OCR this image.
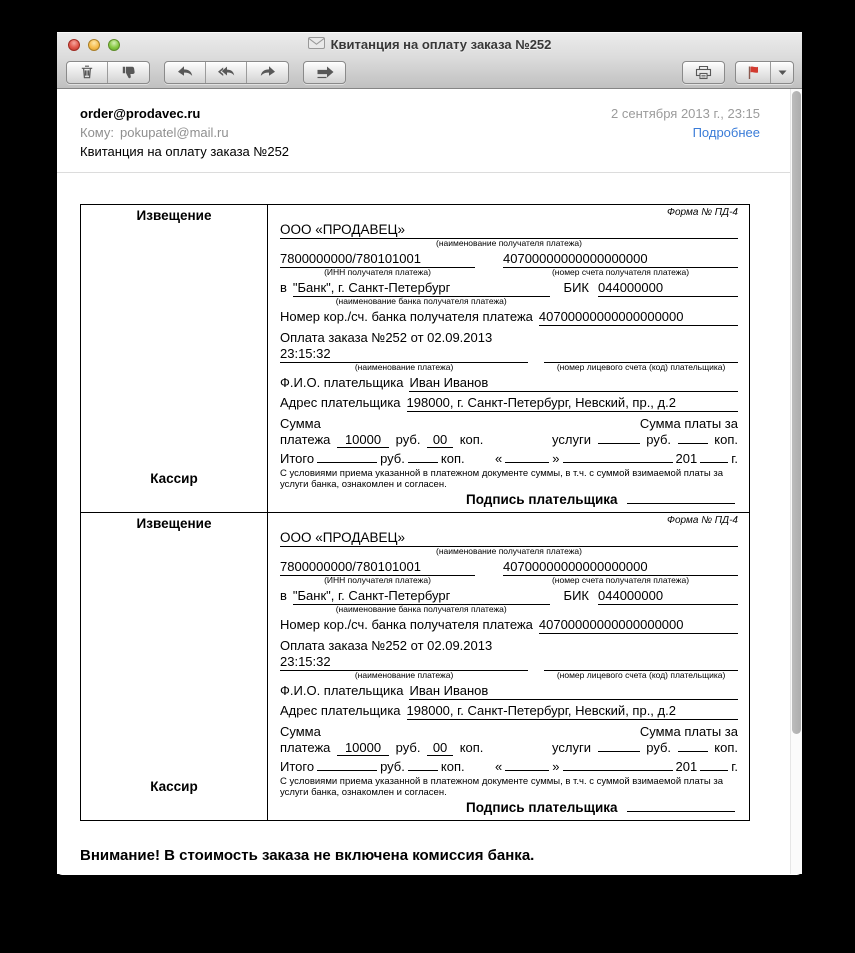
Квитанция на оплату заказа №252
order@prodavec.ru	2 сентября 2013 г., 23:15
Кому: pokupatel@mail.ru	Подробнее
Квитанция на оплату заказа №252
Извещение
Кассир
Форма № ПД-4
ООО «ПРОДАВЕЦ»
(наименование получателя платежа)
7800000000/780101001
(ИНН получателя платежа)
40700000000000000000
(номер счета получателя платежа)
в "Банк", г. Санкт-Петербург
(наименование банка получателя платежа)
БИК 044000000
Номер кор./сч. банка получателя платежа 40700000000000000000
Оплата заказа №252 от 02.09.2013
23:15:32
(наименование платежа)
	(номер лицевого счета (код) плательщика)
Ф.И.О. плательщика Иван Иванов
Адрес плательщика 198000, г. Санкт-Петербург, Невский, пр., д.2
Сумма
платежа 10000 руб. 00 коп.
Сумма платы за
услуги	руб.	коп.
Итого	руб.	коп. «	»	201	г.
С условиями приема указанной в платежном документе суммы, в т.ч. с суммой взимаемой платы за услуги банка, ознакомлен и согласен.
Подпись плательщика
Извещение
Кассир
Форма № ПД-4
ООО «ПРОДАВЕЦ»
(наименование получателя платежа)
7800000000/780101001
(ИНН получателя платежа)
40700000000000000000
(номер счета получателя платежа)
в "Банк", г. Санкт-Петербург
(наименование банка получателя платежа)
БИК 044000000
Номер кор./сч. банка получателя платежа 40700000000000000000
Оплата заказа №252 от 02.09.2013
23:15:32
(наименование платежа)
	(номер лицевого счета (код) плательщика)
Ф.И.О. плательщика Иван Иванов
Адрес плательщика 198000, г. Санкт-Петербург, Невский, пр., д.2
Сумма
платежа 10000 руб. 00 коп.
Сумма платы за
услуги	руб.	коп.
Итого	руб.	коп. «	»	201	г.
С условиями приема указанной в платежном документе суммы, в т.ч. с суммой взимаемой платы за услуги банка, ознакомлен и согласен.
Подпись плательщика
Внимание! В стоимость заказа не включена комиссия банка.
Метод оплаты:
1. Распечатайте квитанцию. Если у вас нет принтера, перепишите верхнюю часть квитанции и заполните по этому образцу стандартный бланк квитанции в вашем банке.
